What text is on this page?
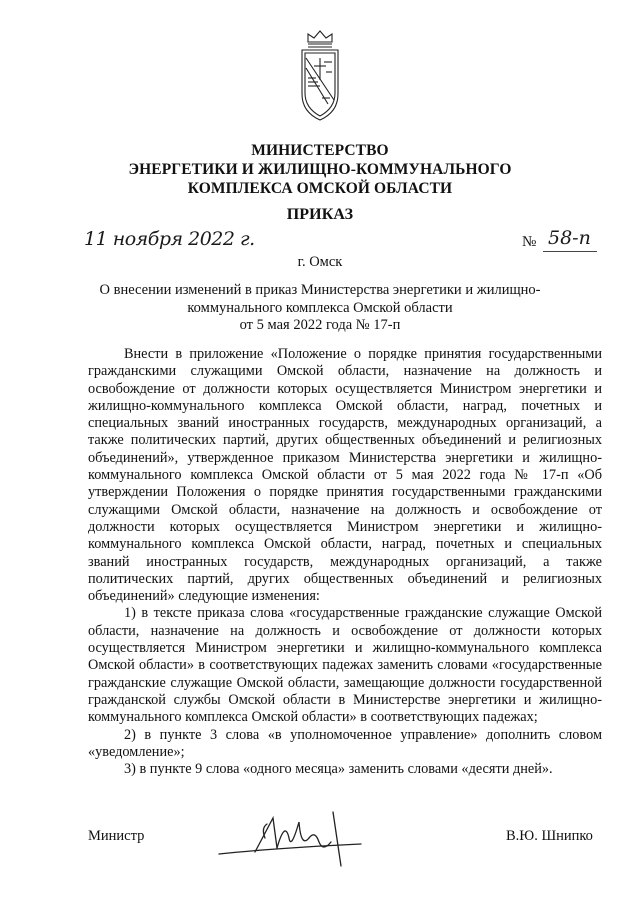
МИНИСТЕРСТВО
ЭНЕРГЕТИКИ И ЖИЛИЩНО-КОММУНАЛЬНОГО
КОМПЛЕКСА ОМСКОЙ ОБЛАСТИ
ПРИКАЗ
11 ноября 2022 г.	№ 58-п
г. Омск
О внесении изменений в приказ Министерства энергетики и жилищно-
коммунального комплекса Омской области
от 5 мая 2022 года № 17-п

Внести в приложение «Положение о порядке принятия государственными гражданскими служащими Омской области, назначение на должность и освобождение от должности которых осуществляется Министром энергетики и жилищно-коммунального комплекса Омской области, наград, почетных и специальных званий иностранных государств, международных организаций, а также политических партий, других общественных объединений и религиозных объединений», утвержденное приказом Министерства энергетики и жилищно-коммунального комплекса Омской области от 5 мая 2022 года № 17-п «Об утверждении Положения о порядке принятия государственными гражданскими служащими Омской области, назначение на должность и освобождение от должности которых осуществляется Министром энергетики и жилищно-коммунального комплекса Омской области, наград, почетных и специальных званий иностранных государств, международных организаций, а также политических партий, других общественных объединений и религиозных объединений» следующие изменения:

1) в тексте приказа слова «государственные гражданские служащие Омской области, назначение на должность и освобождение от должности которых осуществляется Министром энергетики и жилищно-коммунального комплекса Омской области» в соответствующих падежах заменить словами «государственные гражданские служащие Омской области, замещающие должности государственной гражданской службы Омской области в Министерстве энергетики и жилищно-коммунального комплекса Омской области» в соответствующих падежах;

2) в пункте 3 слова «в уполномоченное управление» дополнить словом «уведомление»;

3) в пункте 9 слова «одного месяца» заменить словами «десяти дней».

Министр	В.Ю. Шнипко
